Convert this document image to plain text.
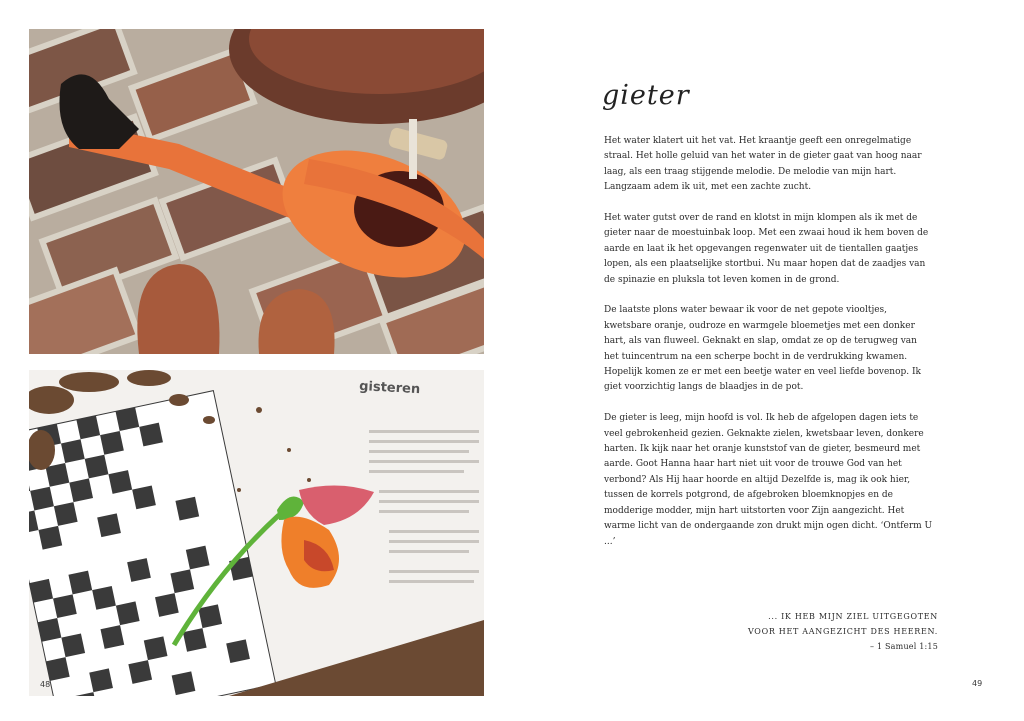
gisteren
48
gieter

Het water klatert uit het vat. Het kraantje geeft een onregelmatige straal. Het holle geluid van het water in de gieter gaat van hoog naar laag, als een traag stijgende melodie. De melodie van mijn hart. Langzaam adem ik uit, met een zachte zucht.

Het water gutst over de rand en klotst in mijn klompen als ik met de gieter naar de moestuinbak loop. Met een zwaai houd ik hem boven de aarde en laat ik het opgevangen regenwater uit de tientallen gaatjes lopen, als een plaatselijke stortbui. Nu maar hopen dat de zaadjes van de spinazie en pluksla tot leven komen in de grond.

De laatste plons water bewaar ik voor de net gepote viooltjes, kwetsbare oranje, oudroze en warmgele bloemetjes met een donker hart, als van fluweel. Geknakt en slap, omdat ze op de terugweg van het tuincentrum na een scherpe bocht in de verdrukking kwamen. Hopelijk komen ze er met een beetje water en veel liefde bovenop. Ik giet voorzichtig langs de blaadjes in de pot.

De gieter is leeg, mijn hoofd is vol. Ik heb de afgelopen dagen iets te veel gebrokenheid gezien. Geknakte zielen, kwetsbaar leven, donkere harten. Ik kijk naar het oranje kunststof van de gieter, besmeurd met aarde. Goot Hanna haar hart niet uit voor de trouwe God van het verbond? Als Hij haar hoorde en altijd Dezelfde is, mag ik ook hier, tussen de korrels potgrond, de afgebroken bloemknopjes en de modderige modder, mijn hart uitstorten voor Zijn aangezicht. Het warme licht van de ondergaande zon drukt mijn ogen dicht. ‘Ontferm U ...’

... IK HEB MIJN ZIEL UITGEGOTEN
VOOR HET AANGEZICHT DES HEEREN.
– 1 Samuel 1:15
49
